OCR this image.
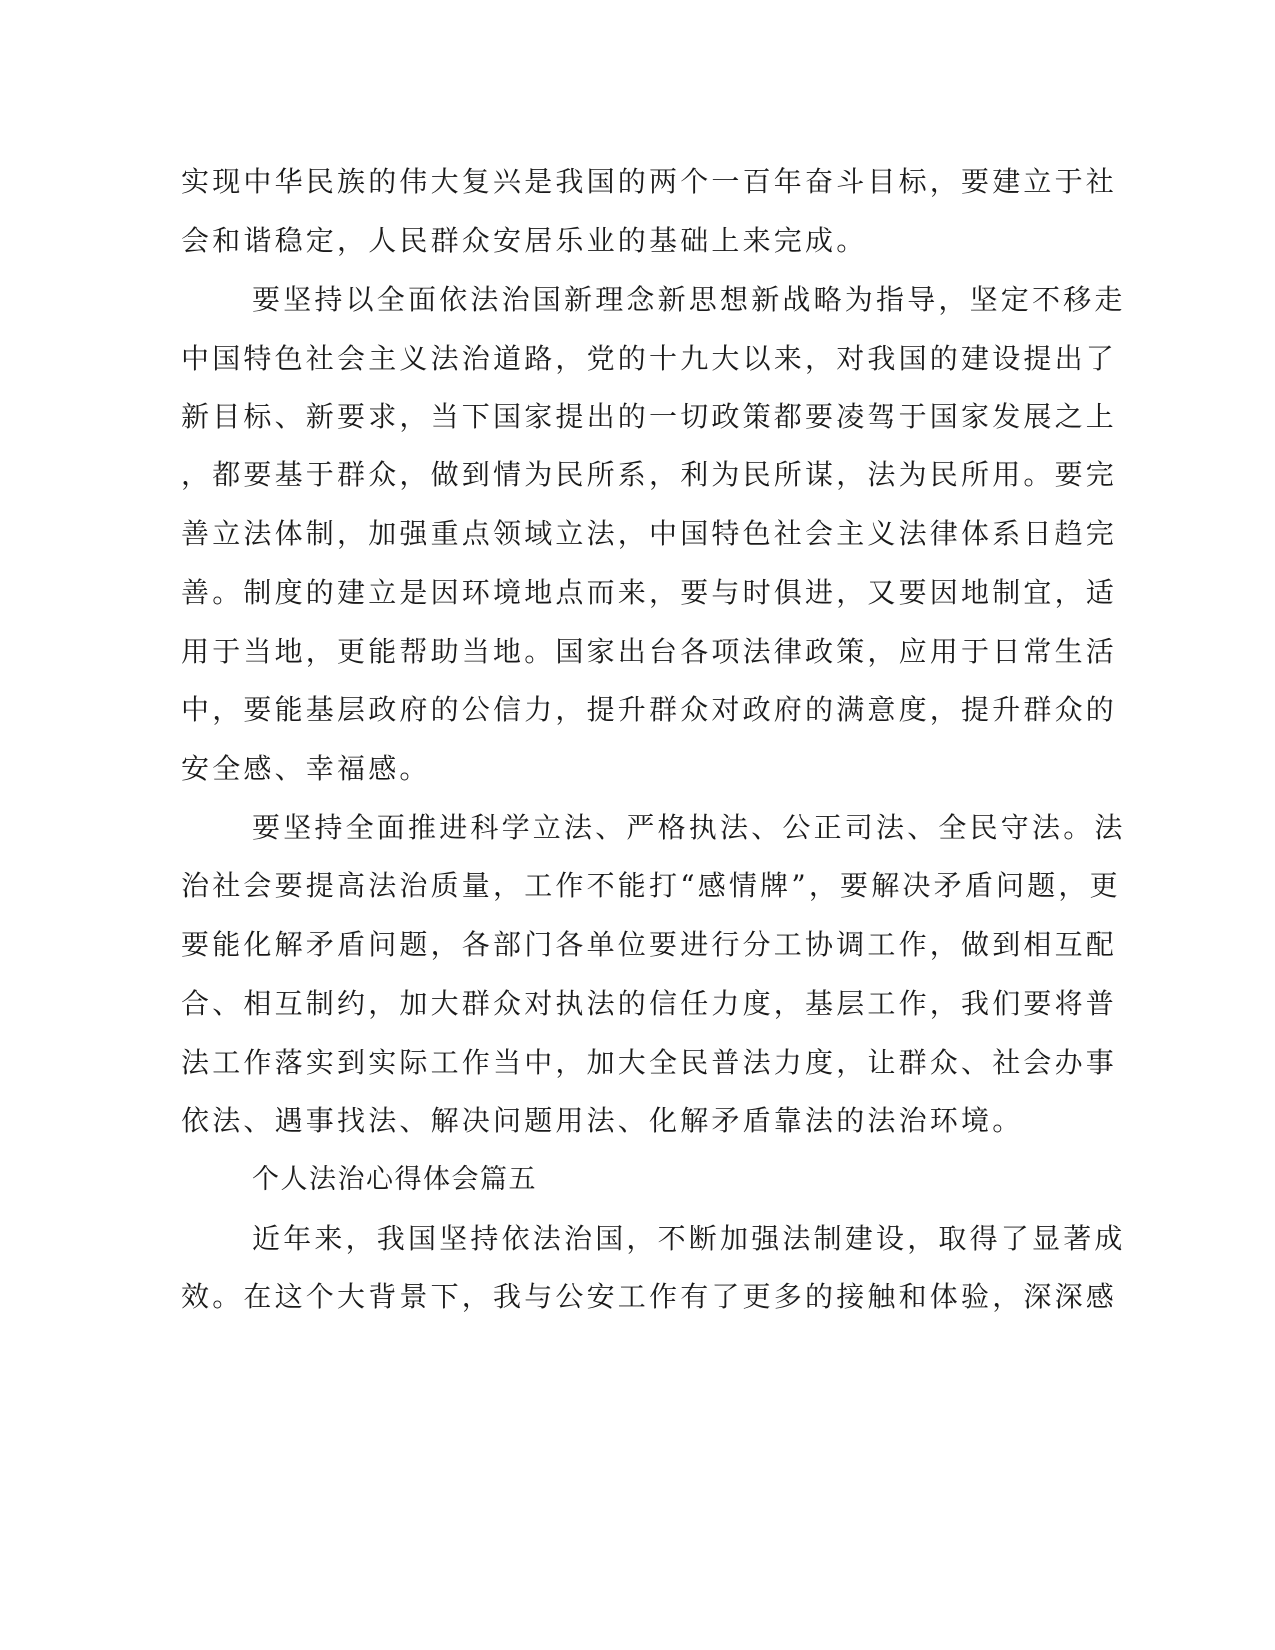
实现中华民族的伟大复兴是我国的两个一百年奋斗目标，要建立于社
会和谐稳定，人民群众安居乐业的基础上来完成。
要坚持以全面依法治国新理念新思想新战略为指导，坚定不移走
中国特色社会主义法治道路，党的十九大以来，对我国的建设提出了
新目标、新要求，当下国家提出的一切政策都要凌驾于国家发展之上
，都要基于群众，做到情为民所系，利为民所谋，法为民所用。要完
善立法体制，加强重点领域立法，中国特色社会主义法律体系日趋完
善。制度的建立是因环境地点而来，要与时俱进，又要因地制宜，适
用于当地，更能帮助当地。国家出台各项法律政策，应用于日常生活
中，要能基层政府的公信力，提升群众对政府的满意度，提升群众的
安全感、幸福感。
要坚持全面推进科学立法、严格执法、公正司法、全民守法。法
治社会要提高法治质量，工作不能打“感情牌”，要解决矛盾问题，更
要能化解矛盾问题，各部门各单位要进行分工协调工作，做到相互配
合、相互制约，加大群众对执法的信任力度，基层工作，我们要将普
法工作落实到实际工作当中，加大全民普法力度，让群众、社会办事
依法、遇事找法、解决问题用法、化解矛盾靠法的法治环境。
个人法治心得体会篇五
近年来，我国坚持依法治国，不断加强法制建设，取得了显著成
效。在这个大背景下，我与公安工作有了更多的接触和体验，深深感
